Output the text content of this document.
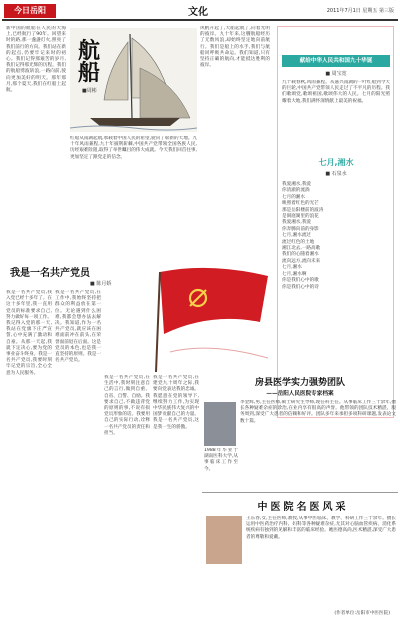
今日岳阳	文化	2011年7月1日 星期五 第三版
新中国的航船在人民的大海上,已经航行了90年。回望来时的路,那一盏盏灯火,照亮了我们前行的方向。我们站在新的起点,仍要牢记来时的初心。我们记得那艰苦的岁月,我们记得那光辉的历程。我们的航船劈波斩浪,一路向前,驶向更加美好的明天。那年那月,那个夏天,我们在红船上起航。
航船
■周彬
红船从南湖起航,承载着中国人民的希望,驶向了崭新的天地。九十年风雨兼程,九十年披荆斩棘,中国共产党带领全国各族人民,历经艰难险阻,取得了举世瞩目的伟大成就。今天我们回首往事,更加坚定了跟党走的信念。
风帆升起了,大船起航了,向着光明的彼岸。九十年来,这艘航船经历了无数风浪,却始终坚定地向前航行。我们是船上的水手,我们与航船同呼吸共命运。我们知道,只有坚持正确的航向,才能抵达胜利的彼岸。
献给中华人民共和国九十华诞
■ 周宝宽
九十载春秋,风雨兼程。从嘉兴南湖的一叶红船到今天的巨轮,中国共产党带领人民走过了不平凡的历程。我们歌颂党,歌颂祖国,歌颂伟大的人民。七月的阳光照耀着大地,我们满怀深情献上最美的祝福。
七月,湘水
■ 石泉水
我爱湘水,我爱
你清澈的流淌
七月的湘水
映照着红色的光芒
那是岳阳楼前的波涛
是洞庭湖里的浪花
我爱湘水,我爱
你奔腾向前的身影
七月,湘水流过
流过红色的土地
湘江北去,一路高歌
我们的心随着湘水
流向远方,流向未来
七月,湘水
七月,湘水啊
你是我们心中的歌
你是我们心中的诗
我是一名共产党员
■ 陈月娇
我是一名共产党员,我入党已经十多年了。在这十多年里,我一直用党员的标准要求自己,努力做好每一项工作。我记得入党的那一天,我站在党旗下庄严宣誓,心中充满了激动和自豪。从那一天起,我就下定决心,要为党的事业奋斗终身。我是一名共产党员,我要时刻牢记党的宗旨,全心全意为人民服务。
我是一名共产党员,在工作中,我始终坚持把群众的利益放在第一位。无论遇到什么困难,我都会想办法去解决。我知道,作为一名共产党员,就应该在困难面前冲在前头,在荣誉面前退在后面。这是党员的本色,也是我一直坚持的原则。我是一名共产党员。
我是一名共产党员,在生活中,我时刻注意自己的言行,做到自重、自省、自警、自励。我要求自己,不做违背党的原则的事,不说有损党员形象的话。我要用自己的实际行动,诠释一名共产党员的责任和担当。
我是一名共产党员,在建党九十周年之际,我要向党表达我的忠诚。我愿意在党的领导下,继续努力工作,为实现中华民族伟大复兴的中国梦贡献自己的力量。我是一名共产党员,这是我一生的骄傲。
房县医学实力强势团队
——岳阳人民医院专家档案
李金辉,男,主任医师,硕士研究生导师,现任科主任。从事临床工作三十余年,擅长各种疑难杂症的诊治,在业内享有很高的声誉。他带领的团队技术精湛、服务周到,深受广大患者的信赖和好评。团队多年来承担多项科研课题,发表论文数十篇。
1988年毕业于湖南医科大学,从事临床工作至今。
中医院名医风采
王东春,女,主任医师,教授,从事中医临床、教学、科研工作三十余年。擅长运用中医药治疗内科、妇科等各种疑难杂症,尤其对心脑血管疾病、消化系统疾病有独到的见解和丰富的临床经验。她医德高尚,医术精湛,深受广大患者的尊敬和爱戴。
(作者单位:岳阳市中医医院)
